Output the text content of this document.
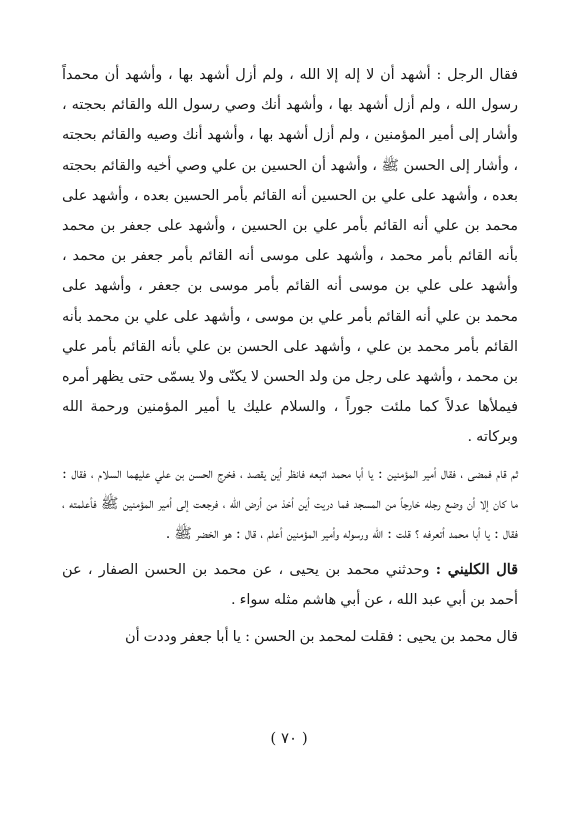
فقال الرجل : أشهد أن لا إله إلا الله ، ولم أزل أشهد بها ، وأشهد أن محمداً رسول الله ، ولم أزل أشهد بها ، وأشهد أنك وصي رسول الله والقائم بحجته ، وأشار إلى أمير المؤمنين ، ولم أزل أشهد بها ، وأشهد أنك وصيه والقائم بحجته ، وأشار إلى الحسن ﷺ ، وأشهد أن الحسين بن علي وصي أخيه والقائم بحجته بعده ، وأشهد على علي بن الحسين أنه القائم بأمر الحسين بعده ، وأشهد على محمد بن علي أنه القائم بأمر علي بن الحسين ، وأشهد على جعفر بن محمد بأنه القائم بأمر محمد ، وأشهد على موسى أنه القائم بأمر جعفر بن محمد ، وأشهد على علي بن موسى أنه القائم بأمر موسى بن جعفر ، وأشهد على محمد بن علي أنه القائم بأمر علي بن موسى ، وأشهد على علي بن محمد بأنه القائم بأمر محمد بن علي ، وأشهد على الحسن بن علي بأنه القائم بأمر علي بن محمد ، وأشهد على رجل من ولد الحسن لا يكنّى ولا يسمّى حتى يظهر أمره فيملأها عدلاً كما ملئت جوراً ، والسلام عليك يا أمير المؤمنين ورحمة الله وبركاته .

ثم قام فمضى ، فقال أمير المؤمنين : يا أبا محمد اتبعه فانظر أين يقصد ، فخرج الحسن بن علي عليهما السلام ، فقال : ما كان إلا أن وضع رجله خارجاً من المسجد فما دريت أين أخذ من أرض الله ، فرجعت إلى أمير المؤمنين ﷺ فأعلمته ، فقال : يا أبا محمد أتعرفه ؟ قلت : الله ورسوله وأمير المؤمنين أعلم ، قال : هو الخضر ﷺ .

قال الكليني : وحدثني محمد بن يحيى ، عن محمد بن الحسن الصفار ، عن أحمد بن أبي عبد الله ، عن أبي هاشم مثله سواء .

قال محمد بن يحيى : فقلت لمحمد بن الحسن : يا أبا جعفر وددت أن

( ٧٠ )
